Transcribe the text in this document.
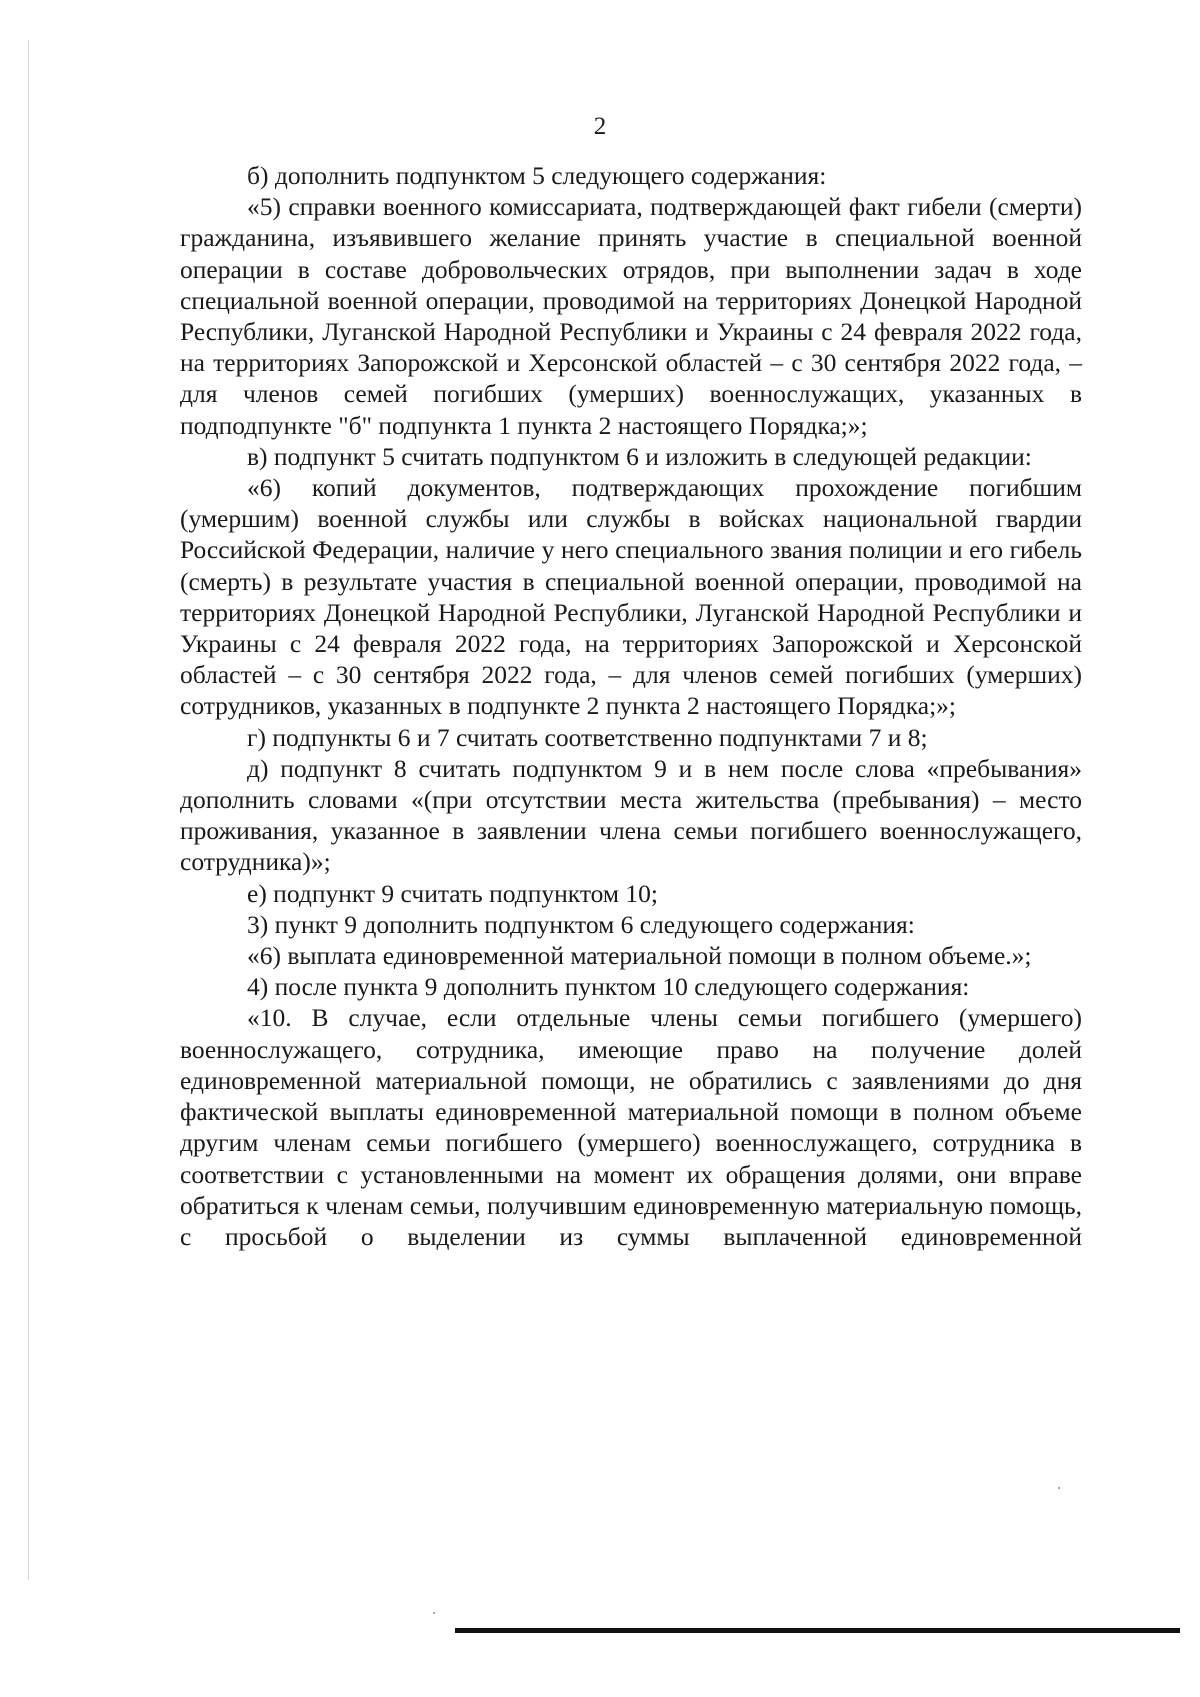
2

б) дополнить подпунктом 5 следующего содержания:

«5) справки военного комиссариата, подтверждающей факт гибели (смерти) гражданина, изъявившего желание принять участие в специальной военной операции в составе добровольческих отрядов, при выполнении задач в ходе специальной военной операции, проводимой на территориях Донецкой Народной Республики, Луганской Народной Республики и Украины с 24 февраля 2022 года, на территориях Запорожской и Херсонской областей – с 30 сентября 2022 года, – для членов семей погибших (умерших) военнослужащих, указанных в подподпункте "б" подпункта 1 пункта 2 настоящего Порядка;»;

в) подпункт 5 считать подпунктом 6 и изложить в следующей редакции:

«6) копий документов, подтверждающих прохождение погибшим (умершим) военной службы или службы в войсках национальной гвардии Российской Федерации, наличие у него специального звания полиции и его гибель (смерть) в результате участия в специальной военной операции, проводимой на территориях Донецкой Народной Республики, Луганской Народной Республики и Украины с 24 февраля 2022 года, на территориях Запорожской и Херсонской областей – с 30 сентября 2022 года, – для членов семей погибших (умерших) сотрудников, указанных в подпункте 2 пункта 2 настоящего Порядка;»;

г) подпункты 6 и 7 считать соответственно подпунктами 7 и 8;

д) подпункт 8 считать подпунктом 9 и в нем после слова «пребывания» дополнить словами «(при отсутствии места жительства (пребывания) – место проживания, указанное в заявлении члена семьи погибшего военнослужащего, сотрудника)»;

е) подпункт 9 считать подпунктом 10;

3) пункт 9 дополнить подпунктом 6 следующего содержания:

«6) выплата единовременной материальной помощи в полном объеме.»;

4) после пункта 9 дополнить пунктом 10 следующего содержания:

«10. В случае, если отдельные члены семьи погибшего (умершего) военнослужащего, сотрудника, имеющие право на получение долей единовременной материальной помощи, не обратились с заявлениями до дня фактической выплаты единовременной материальной помощи в полном объеме другим членам семьи погибшего (умершего) военнослужащего, сотрудника в соответствии с установленными на момент их обращения долями, они вправе обратиться к членам семьи, получившим единовременную материальную помощь, с просьбой о выделении из суммы выплаченной единовременной
